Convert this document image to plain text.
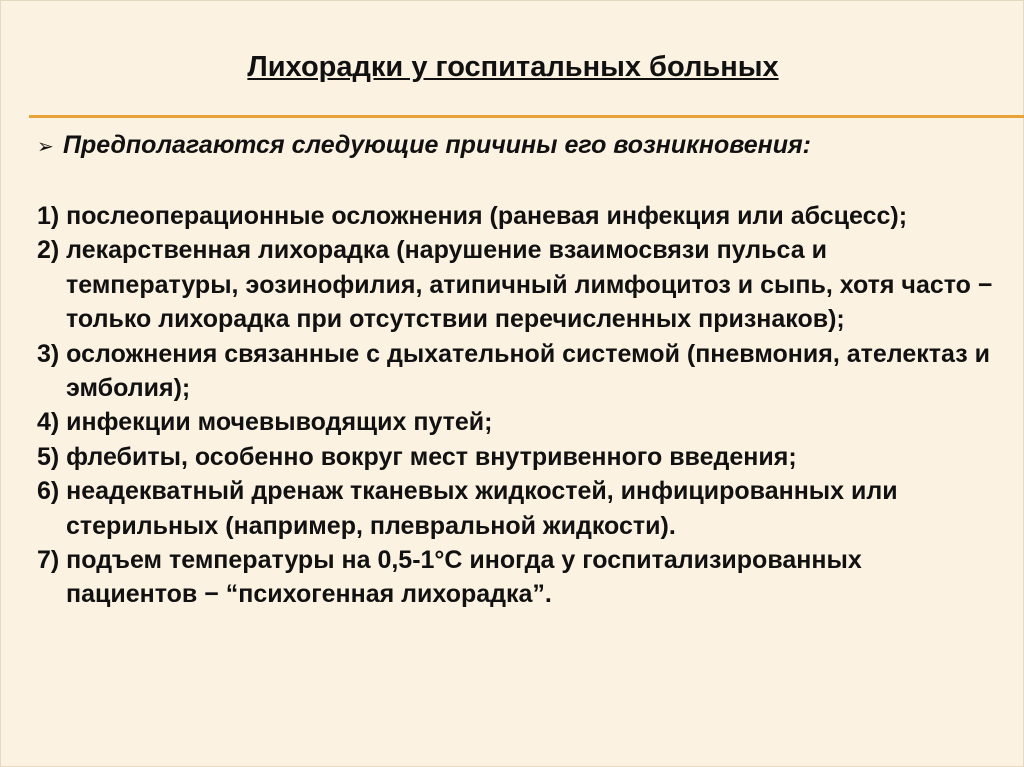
Лихорадки у госпитальных больных
➢ Предполагаются следующие причины его возникновения:
1) послеоперационные осложнения (раневая инфекция или абсцесс);
2) лекарственная лихорадка (нарушение взаимосвязи пульса и температуры, эозинофилия, атипичный лимфоцитоз и сыпь, хотя часто − только лихорадка при отсутствии перечисленных признаков);
3) осложнения связанные с дыхательной системой (пневмония, ателектаз и эмболия);
4) инфекции мочевыводящих путей;
5) флебиты, особенно вокруг мест внутривенного введения;
6) неадекватный дренаж тканевых жидкостей, инфицированных или стерильных (например, плевральной жидкости).
7) подъем температуры на 0,5-1°С иногда у госпитализированных пациентов − “психогенная лихорадка”.
